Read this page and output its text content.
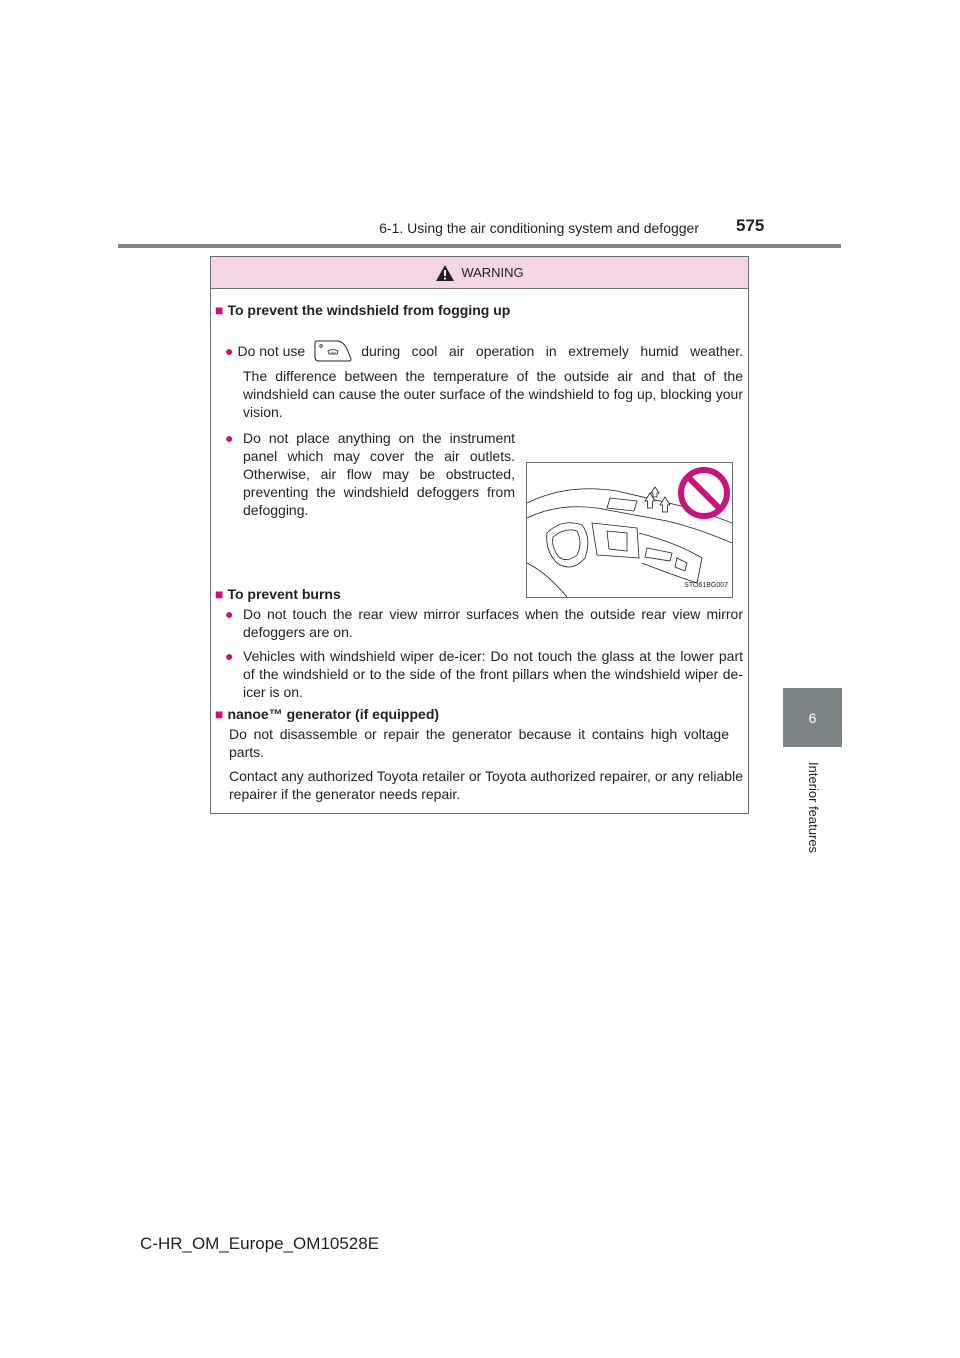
6-1. Using the air conditioning system and defogger 575
6
Interior features
WARNING
■ To prevent the windshield from fogging up
● Do not use	during cool air operation in extremely humid weather.
The difference between the temperature of the outside air and that of the windshield can cause the outer surface of the windshield to fog up, blocking your vision.
● Do not place anything on the instrument panel which may cover the air outlets. Otherwise, air flow may be obstructed, preventing the windshield defoggers from defogging.
STO61BG007
■ To prevent burns
● Do not touch the rear view mirror surfaces when the outside rear view mirror defoggers are on.
● Vehicles with windshield wiper de-icer: Do not touch the glass at the lower part of the windshield or to the side of the front pillars when the windshield wiper de-icer is on.
■ nanoe™ generator (if equipped)
Do not disassemble or repair the generator because it contains high voltage parts.
Contact any authorized Toyota retailer or Toyota authorized repairer, or any reliable repairer if the generator needs repair.
C-HR_OM_Europe_OM10528E
